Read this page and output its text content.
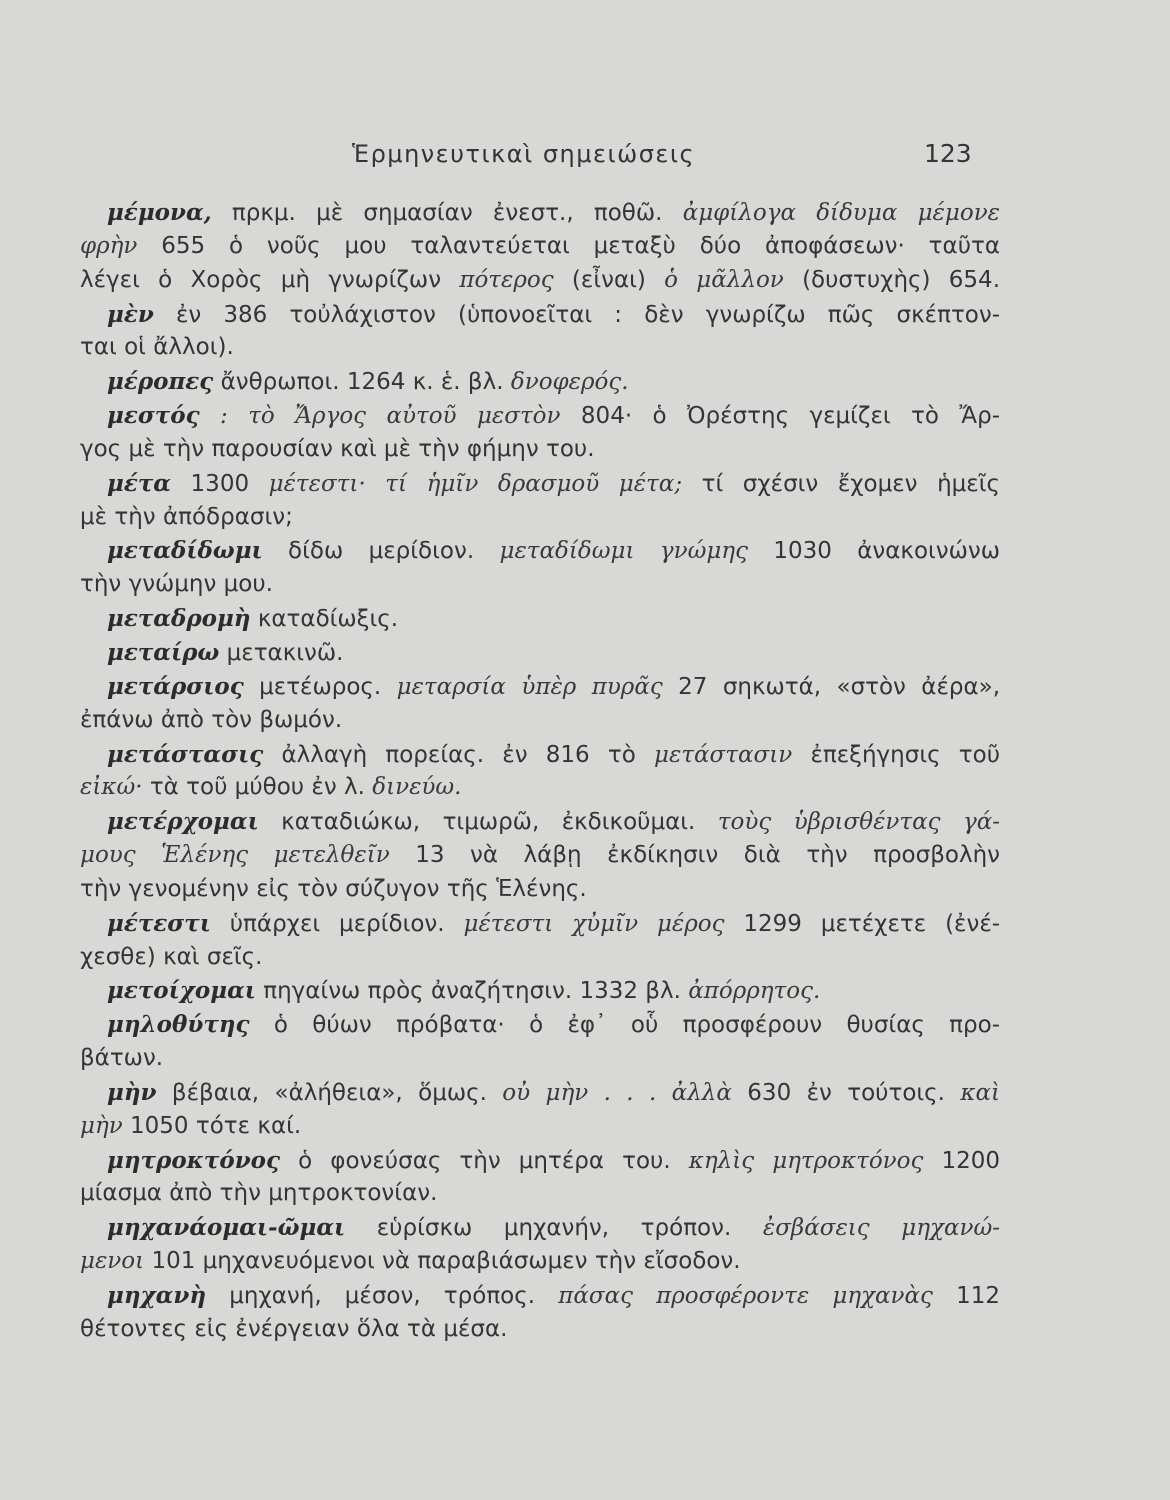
Ἑρμηνευτικαὶ σημειώσεις	123
μέμονα, πρκμ. μὲ σημασίαν ἐνεστ., ποθῶ. ἀμφίλογα δίδυμα μέμονε
φρὴν 655 ὁ νοῦς μου ταλαντεύεται μεταξὺ δύο ἀποφάσεων· ταῦτα
λέγει ὁ Χορὸς μὴ γνωρίζων πότερος (εἶναι) ὁ μᾶλλον (δυστυχὴς) 654.
μὲν ἐν 386 τοὐλάχιστον (ὑπονοεῖται : δὲν γνωρίζω πῶς σκέπτον-
ται οἱ ἄλλοι).
μέροπες ἄνθρωποι. 1264 κ. ἑ. βλ. δνοφερός.
μεστός : τὸ Ἄργος αὐτοῦ μεστὸν 804· ὁ Ὀρέστης γεμίζει τὸ Ἄρ-
γος μὲ τὴν παρουσίαν καὶ μὲ τὴν φήμην του.
μέτα 1300 μέτεστι· τί ἡμῖν δρασμοῦ μέτα; τί σχέσιν ἔχομεν ἡμεῖς
μὲ τὴν ἀπόδρασιν;
μεταδίδωμι δίδω μερίδιον. μεταδίδωμι γνώμης 1030 ἀνακοινώνω
τὴν γνώμην μου.
μεταδρομὴ καταδίωξις.
μεταίρω μετακινῶ.
μετάρσιος μετέωρος. μεταρσία ὑπὲρ πυρᾶς 27 σηκωτά, «στὸν ἀέρα»,
ἐπάνω ἀπὸ τὸν βωμόν.
μετάστασις ἀλλαγὴ πορείας. ἐν 816 τὸ μετάστασιν ἐπεξήγησις τοῦ
εἰκώ· τὰ τοῦ μύθου ἐν λ. δινεύω.
μετέρχομαι καταδιώκω, τιμωρῶ, ἐκδικοῦμαι. τοὺς ὑβρισθέντας γά-
μους Ἑλένης μετελθεῖν 13 νὰ λάβῃ ἐκδίκησιν διὰ τὴν προσβολὴν
τὴν γενομένην εἰς τὸν σύζυγον τῆς Ἑλένης.
μέτεστι ὑπάρχει μερίδιον. μέτεστι χὐμῖν μέρος 1299 μετέχετε (ἐνέ-
χεσθε) καὶ σεῖς.
μετοίχομαι πηγαίνω πρὸς ἀναζήτησιν. 1332 βλ. ἀπόρρητος.
μηλοθύτης ὁ θύων πρόβατα· ὁ ἐφ᾽ οὗ προσφέρουν θυσίας προ-
βάτων.
μὴν βέβαια, «ἀλήθεια», ὅμως. οὐ μὴν . . . ἀλλὰ 630 ἐν τούτοις. καὶ
μὴν 1050 τότε καί.
μητροκτόνος ὁ φονεύσας τὴν μητέρα του. κηλὶς μητροκτόνος 1200
μίασμα ἀπὸ τὴν μητροκτονίαν.
μηχανάομαι-ῶμαι εὑρίσκω μηχανήν, τρόπον. ἐσβάσεις μηχανώ-
μενοι 101 μηχανευόμενοι νὰ παραβιάσωμεν τὴν εἴσοδον.
μηχανὴ μηχανή, μέσον, τρόπος. πάσας προσφέροντε μηχανὰς 112
θέτοντες εἰς ἐνέργειαν ὅλα τὰ μέσα.
